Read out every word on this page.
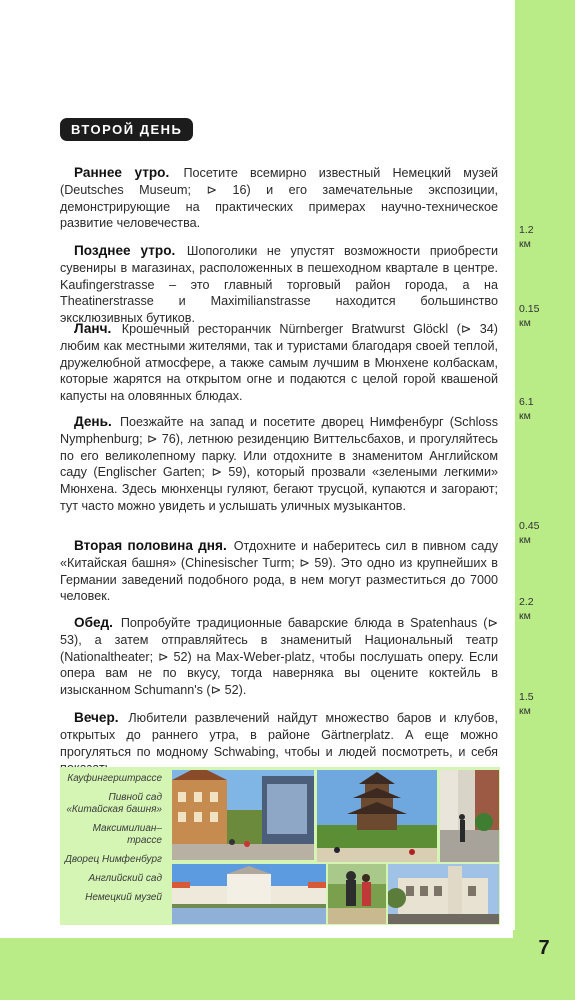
7
ВТОРОЙ ДЕНЬ
Раннее утро. Посетите всемирно известный Немецкий музей (Deutsches Museum; ⊳ 16) и его замечательные экспозиции, демонстрирующие на практических примерах научно-техническое развитие человечества.
Позднее утро. Шопоголики не упустят возможности приобрести сувениры в магазинах, расположенных в пешеходном квартале в центре. Kaufingerstrasse – это главный торговый район города, а на Theatinerstrasse и Maximilianstrasse находится большинство эксклюзивных бутиков.
Ланч. Крошечный ресторанчик Nürnberger Bratwurst Glöckl (⊳ 34) любим как местными жителями, так и туристами благодаря своей теплой, дружелюбной атмосфере, а также самым лучшим в Мюнхене колбаскам, которые жарятся на открытом огне и подаются с целой горой квашеной капусты на оловянных блюдах.
День. Поезжайте на запад и посетите дворец Нимфенбург (Schloss Nymphenburg; ⊳ 76), летнюю резиденцию Виттельсбахов, и прогуляйтесь по его великолепному парку. Или отдохните в знаменитом Английском саду (Englischer Garten; ⊳ 59), который прозвали «зелеными легкими» Мюнхена. Здесь мюнхенцы гуляют, бегают трусцой, купаются и загорают; тут часто можно увидеть и услышать уличных музыкантов.
Вторая половина дня. Отдохните и наберитесь сил в пивном саду «Китайская башня» (Chinesischer Turm; ⊳ 59). Это одно из крупнейших в Германии заведений подобного рода, в нем могут разместиться до 7000 человек.
Обед. Попробуйте традиционные баварские блюда в Spatenhaus (⊳ 53), а затем отправляйтесь в знаменитый Национальный театр (Nationaltheater; ⊳ 52) на Max-Weber-platz, чтобы послушать оперу. Если опера вам не по вкусу, тогда наверняка вы оцените коктейль в изысканном Schumann's (⊳ 52).
Вечер. Любители развлечений найдут множество баров и клубов, открытых до раннего утра, в районе Gärtnerplatz. А еще можно прогуляться по модному Schwabing, чтобы и людей посмотреть, и себя
1.2
км
0.15
км
6.1
км
0.45
км
2.2
км
1.5
км
Кауфингерштрассе
Пивной сад «Китайская башня»
Максимилиан–трассе
Дворец Нимфенбург
Английский сад
Немецкий музей
